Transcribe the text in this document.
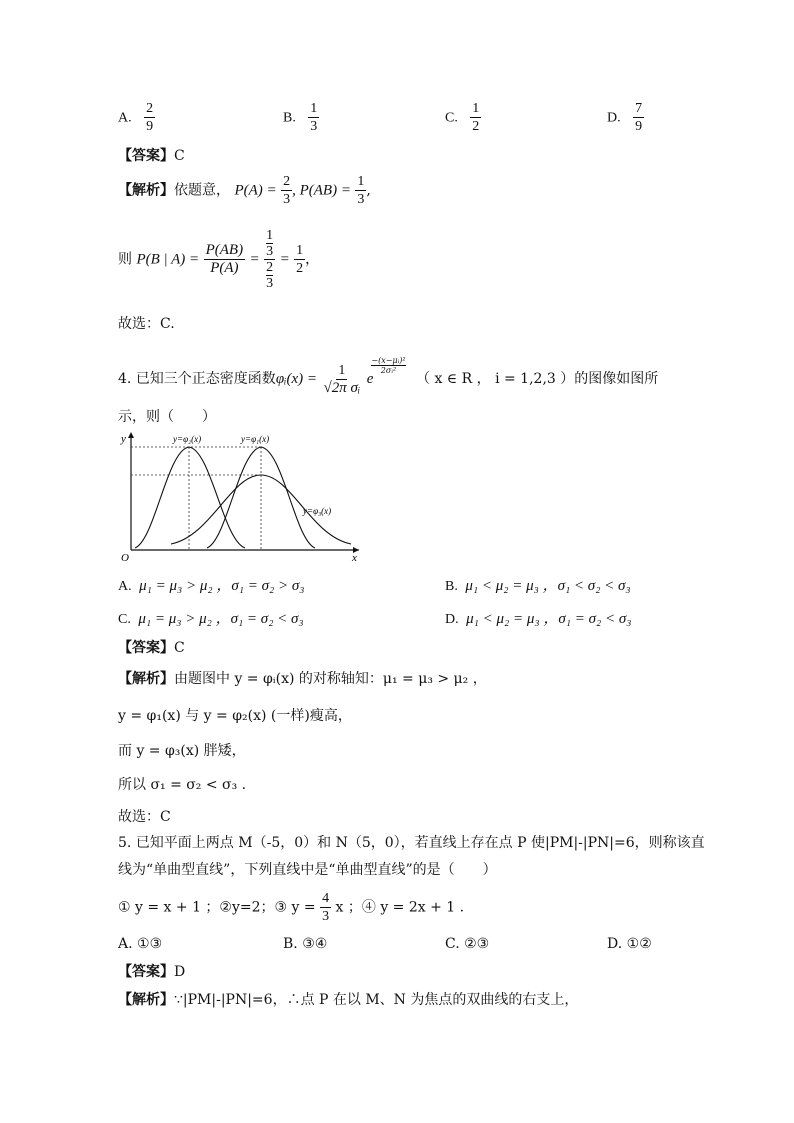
A. $\frac{2}{9}$	B. $\frac{1}{3}$	C. $\frac{1}{2}$	D. $\frac{7}{9}$
【答案】C
【解析】依题意， $P(A) = \frac{2}{3}$ , $P(AB) = \frac{1}{3}$ ,
则 P(B | $A) = \frac{P(AB)}{P(A)} = 1$
3
2
$3 = \frac{1}{2}$ ，
故选：C.
4. 已知三个正态密度函数φᵢ(x) = $\frac{1}{\text{√2π σᵢ}}$ e
$\frac{\text{−(x−μᵢ)²}}{\text{2σᵢ²}}$
（ x ∈ R ， i = 1,2,3 ）的图像如图所
示，则（　　）
y
x
O
y=φ₂(x)	y=φ₁(x)
y=φ₃(x)
A. μ₁ = μ₃ > μ₂ ，σ₁ = σ₂ > σ₃	B. μ₁ < μ₂ = μ₃ ，σ₁ < σ₂ < σ₃
C. μ₁ = μ₃ > μ₂ ，σ₁ = σ₂ < σ₃	D. μ₁ < μ₂ = μ₃ ，σ₁ = σ₂ < σ₃
【答案】C
【解析】由题图中 y = φᵢ(x) 的对称轴知：μ₁ = μ₃ > μ₂ ，
y = φ₁(x) 与 y = φ₂(x) (一样)瘦高，
而 y = φ₃(x) 胖矮，
所以 σ₁ = σ₂ < σ₃ .
故选：C
5. 已知平面上两点 M（-5，0）和 N（5，0），若直线上存在点 P 使|PM|-|PN|=6，则称该直
线为“单曲型直线”，下列直线中是“单曲型直线”的是（　　）
① y = x + 1 ；②y=2；③ $y = \frac{4}{3}$ x ；④ y = 2x + 1 .
A. ①③	B. ③④	C. ②③	D. ①②
【答案】D
【解析】∵|PM|-|PN|=6，∴点 P 在以 M、N 为焦点的双曲线的右支上，
